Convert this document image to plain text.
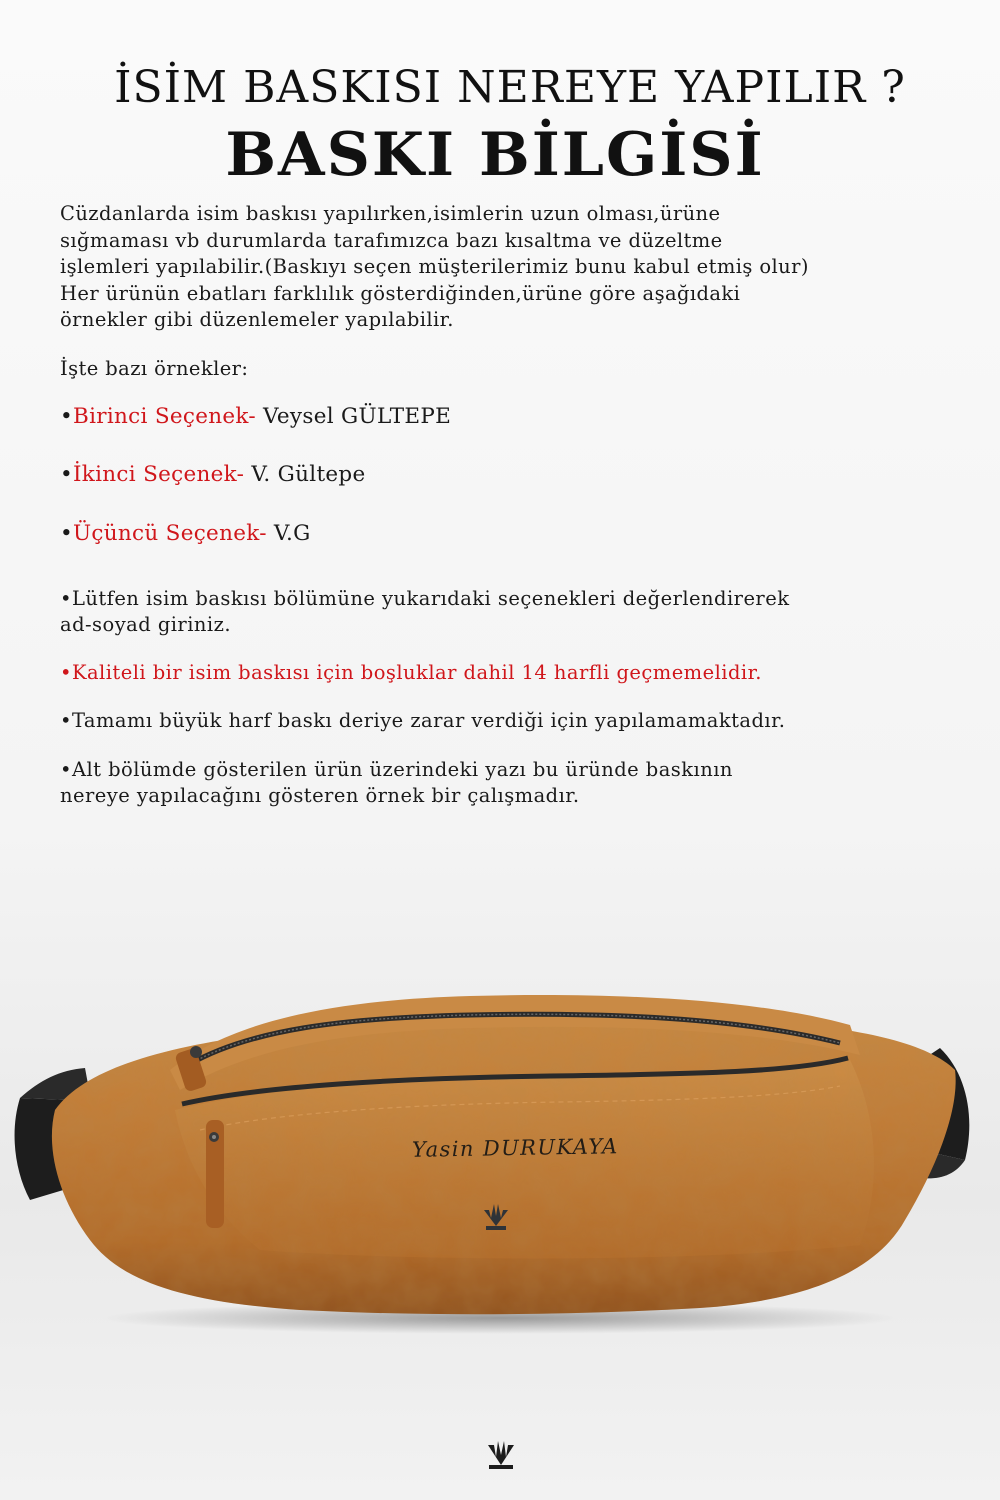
İSİM BASKISI NEREYE YAPILIR ?
BASKI BİLGİSİ

Cüzdanlarda isim baskısı yapılırken,isimlerin uzun olması,ürüne
sığmaması vb durumlarda tarafımızca bazı kısaltma ve düzeltme
işlemleri yapılabilir.(Baskıyı seçen müşterilerimiz bunu kabul etmiş olur)
Her ürünün ebatları farklılık gösterdiğinden,ürüne göre aşağıdaki
örnekler gibi düzenlemeler yapılabilir.

İşte bazı örnekler:
•Birinci Seçenek- Veysel GÜLTEPE
•İkinci Seçenek- V. Gültepe
•Üçüncü Seçenek- V.G
•Lütfen isim baskısı bölümüne yukarıdaki seçenekleri değerlendirerek
ad-soyad giriniz.
•Kaliteli bir isim baskısı için boşluklar dahil 14 harfli geçmemelidir.
•Tamamı büyük harf baskı deriye zarar verdiği için yapılamamaktadır.
•Alt bölümde gösterilen ürün üzerindeki yazı bu üründe baskının
nereye yapılacağını gösteren örnek bir çalışmadır.
Yasin DURUKAYA
